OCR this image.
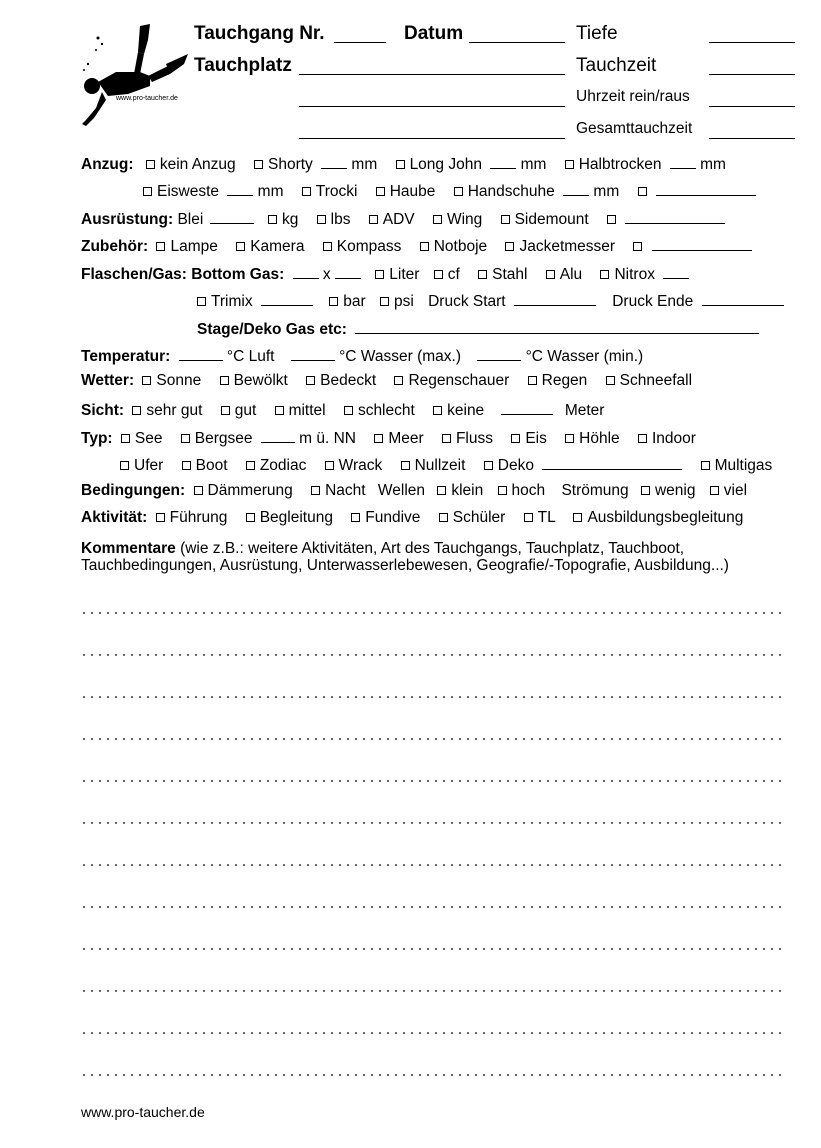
www.pro-taucher.de
Tauchgang Nr.	Datum	Tiefe
Tauchplatz	Tauchzeit
Uhrzeit rein/raus
Gesamttauchzeit
Anzug: kein Anzug Shorty mm Long John mm Halbtrocken mm
Eisweste mm Trocki Haube Handschuhe mm
Ausrüstung: Blei	kg lbs ADV Wing Sidemount
Zubehör: Lampe Kamera Kompass Notboje Jacketmesser
Flaschen/Gas: Bottom Gas: x	Liter cf Stahl Alu Nitrox
Trimix	bar psi Druck Start	Druck Ende
Stage/Deko Gas etc:
Temperatur:	°C Luft	°C Wasser (max.)	°C Wasser (min.)
Wetter: Sonne Bewölkt Bedeckt Regenschauer Regen Schneefall
Sicht: sehr gut gut mittel schlecht keine	Meter
Typ: See Bergsee	m ü. NN Meer Fluss Eis Höhle Indoor
Ufer Boot Zodiac Wrack Nullzeit Deko	Multigas
Bedingungen: Dämmerung Nacht Wellen klein hoch Strömung wenig viel
Aktivität: Führung Begleitung Fundive Schüler TL Ausbildungsbegleitung
Kommentare (wie z.B.: weitere Aktivitäten, Art des Tauchgangs, Tauchplatz, Tauchboot, Tauchbedingungen, Ausrüstung, Unterwasserlebewesen, Geografie/-Topografie, Ausbildung...)
www.pro-taucher.de
